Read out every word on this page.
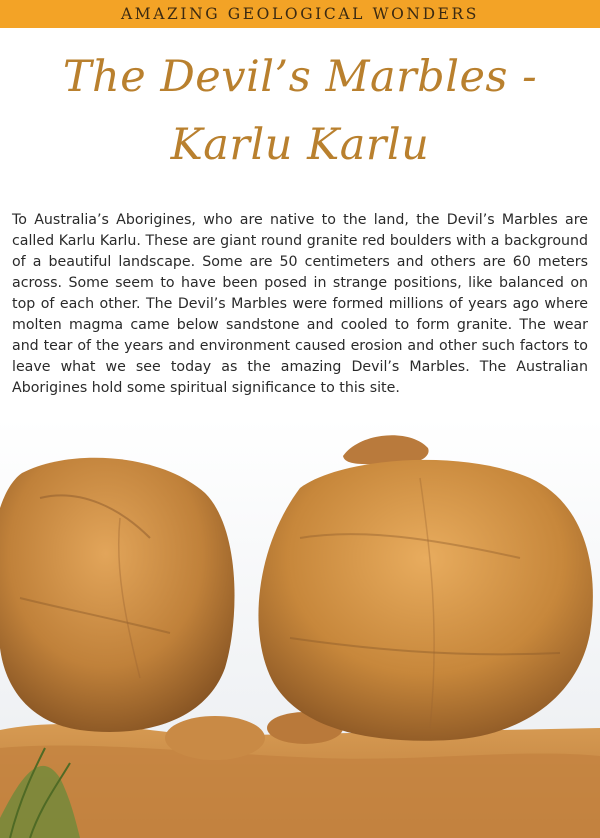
AMAZING GEOLOGICAL WONDERS
The Devil’s Marbles -
Karlu Karlu

To Australia’s Aborigines, who are native to the land, the Devil’s Marbles are called Karlu Karlu. These are giant round granite red boulders with a background of a beautiful landscape. Some are 50 centimeters and others are 60 meters across. Some seem to have been posed in strange positions, like balanced on top of each other. The Devil’s Marbles were formed millions of years ago where molten magma came below sandstone and cooled to form granite. The wear and tear of the years and environment caused erosion and other such factors to leave what we see today as the amazing Devil’s Marbles. The Australian Aborigines hold some spiritual significance to this site.
